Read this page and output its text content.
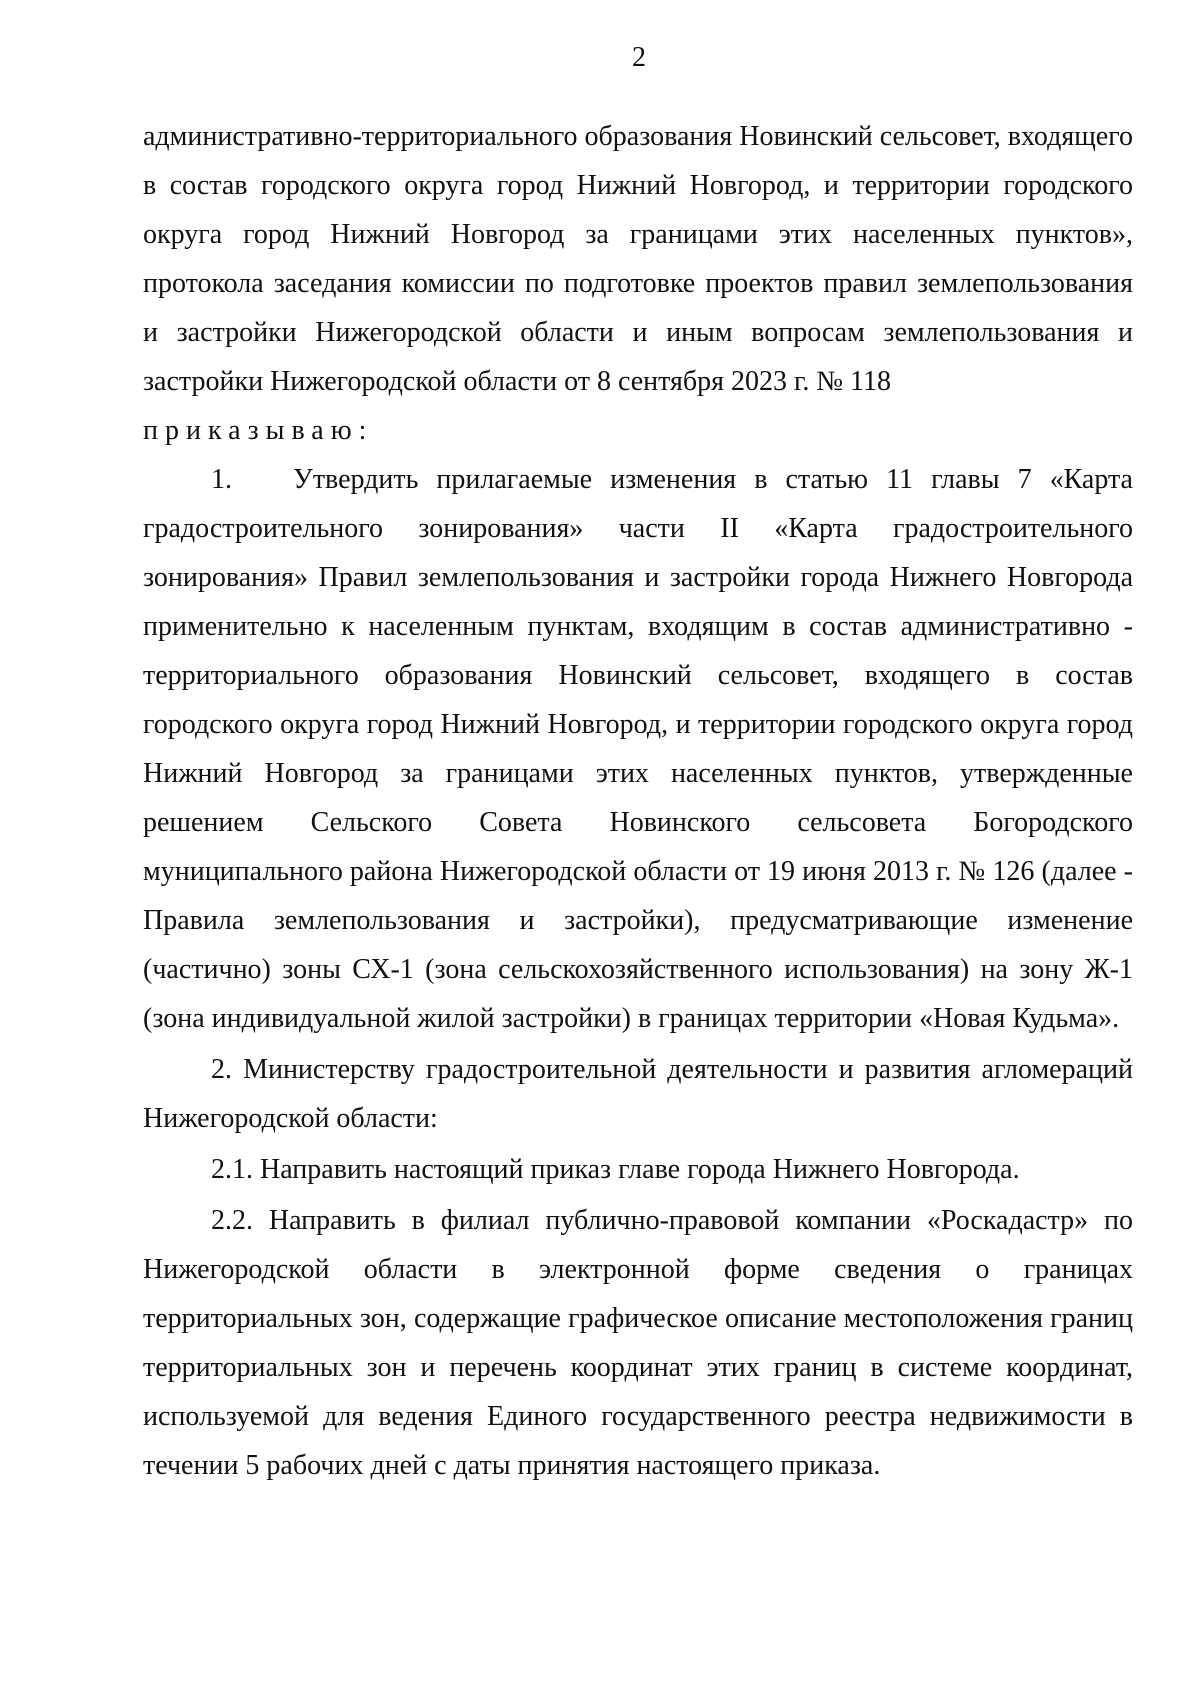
2

административно-территориального образования Новинский сельсовет, входящего в состав городского округа город Нижний Новгород, и территории городского округа город Нижний Новгород за границами этих населенных пунктов», протокола заседания комиссии по подготовке проектов правил землепользования и застройки Нижегородской области и иным вопросам землепользования и застройки Нижегородской области от 8 сентября 2023 г. № 118

приказываю:

1. Утвердить прилагаемые изменения в статью 11 главы 7 «Карта градостроительного зонирования» части II «Карта градостроительного зонирования» Правил землепользования и застройки города Нижнего Новгорода применительно к населенным пунктам, входящим в состав административно - территориального образования Новинский сельсовет, входящего в состав городского округа город Нижний Новгород, и территории городского округа город Нижний Новгород за границами этих населенных пунктов, утвержденные решением Сельского Совета Новинского сельсовета Богородского муниципального района Нижегородской области от 19 июня 2013 г. № 126 (далее - Правила землепользования и застройки), предусматривающие изменение (частично) зоны СХ-1 (зона сельскохозяйственного использования) на зону Ж-1 (зона индивидуальной жилой застройки) в границах территории «Новая Кудьма».

2. Министерству градостроительной деятельности и развития агломераций Нижегородской области:

2.1. Направить настоящий приказ главе города Нижнего Новгорода.

2.2. Направить в филиал публично-правовой компании «Роскадастр» по Нижегородской области в электронной форме сведения о границах территориальных зон, содержащие графическое описание местоположения границ территориальных зон и перечень координат этих границ в системе координат, используемой для ведения Единого государственного реестра недвижимости в течении 5 рабочих дней с даты принятия настоящего приказа.
